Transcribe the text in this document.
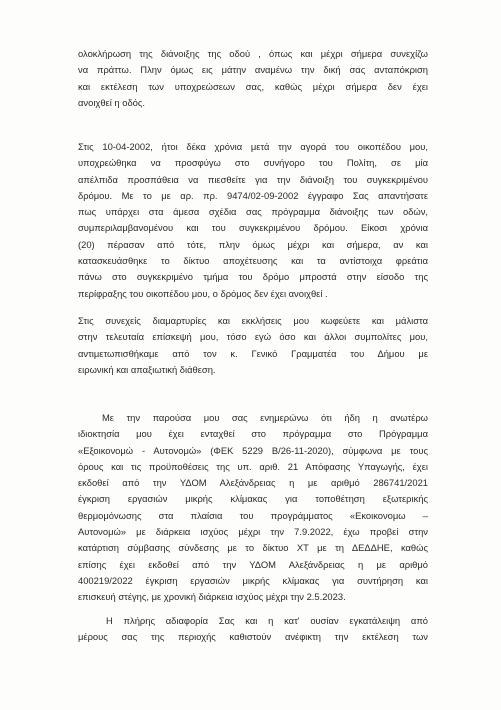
ολοκλήρωση της διάνοιξης της οδού , όπως και μέχρι σήμερα συνεχίζω
να πράττω. Πλην όμως εις μάτην αναμένω την δική σας ανταπόκριση
και εκτέλεση των υποχρεώσεων σας, καθώς μέχρι σήμερα δεν έχει
ανοιχθεί η οδός.
Στις 10-04-2002, ήτοι δέκα χρόνια μετά την αγορά του οικοπέδου μου,
υποχρεώθηκα να προσφύγω στο συνήγορο του Πολίτη, σε μία
απέλπιδα προσπάθεια να πιεσθείτε για την διάνοιξη του συγκεκριμένου
δρόμου. Με το με αρ. πρ. 9474/02-09-2002 έγγραφο Σας απαντήσατε
πως υπάρχει στα άμεσα σχέδια σας πρόγραμμα διάνοιξης των οδών,
συμπεριλαμβανομένου και του συγκεκριμένου δρόμου. Είκοσι χρόνια
(20) πέρασαν από τότε, πλην όμως μέχρι και σήμερα, αν και
κατασκευάσθηκε το δίκτυο αποχέτευσης και τα αντίστοιχα φρεάτια
πάνω στο συγκεκριμένο τμήμα του δρόμο μπροστά στην είσοδο της
περίφραξης του οικοπέδου μου, ο δρόμος δεν έχει ανοιχθεί .
Στις συνεχείς διαμαρτυρίες και εκκλήσεις μου κωφεύετε και μάλιστα
στην τελευταία επίσκεψή μου, τόσο εγώ όσο και άλλοι συμπολίτες μου,
αντιμετωπισθήκαμε από τον κ. Γενικό Γραμματέα του Δήμου με
ειρωνική και απαξιωτική διάθεση.
Με την παρούσα μου σας ενημερώνω ότι ήδη η ανωτέρω
ιδιοκτησία μου έχει ενταχθεί στο πρόγραμμα στο Πρόγραμμα
«Εξοικονομώ - Αυτονομώ» (ΦΕΚ 5229 Β/26-11-2020), σύμφωνα με τους
όρους και τις προϋποθέσεις της υπ. αριθ. 21 Απόφασης Υπαγωγής, έχει
εκδοθεί από την ΥΔΟΜ Αλεξάνδρειας η με αριθμό 286741/2021
έγκριση εργασιών μικρής κλίμακας για τοποθέτηση εξωτερικής
θερμομόνωσης στα πλαίσια του προγράμματος «Εκοικονομω –
Αυτονομώ» με διάρκεια ισχύος μέχρι την 7.9.2022, έχω προβεί στην
κατάρτιση σύμβασης σύνδεσης με το δίκτυο ΧΤ με τη ΔΕΔΔΗΕ, καθώς
επίσης έχει εκδοθεί από την ΥΔΟΜ Αλεξάνδρειας η με αριθμό
400219/2022 έγκριση εργασιών μικρής κλίμακας για συντήρηση και
επισκευή στέγης, με χρονική διάρκεια ισχύος μέχρι την 2.5.2023.
Η πλήρης αδιαφορία Σας και η κατ' ουσίαν εγκατάλειψη από
μέρους σας της περιοχής καθιστούν ανέφικτη την εκτέλεση των
